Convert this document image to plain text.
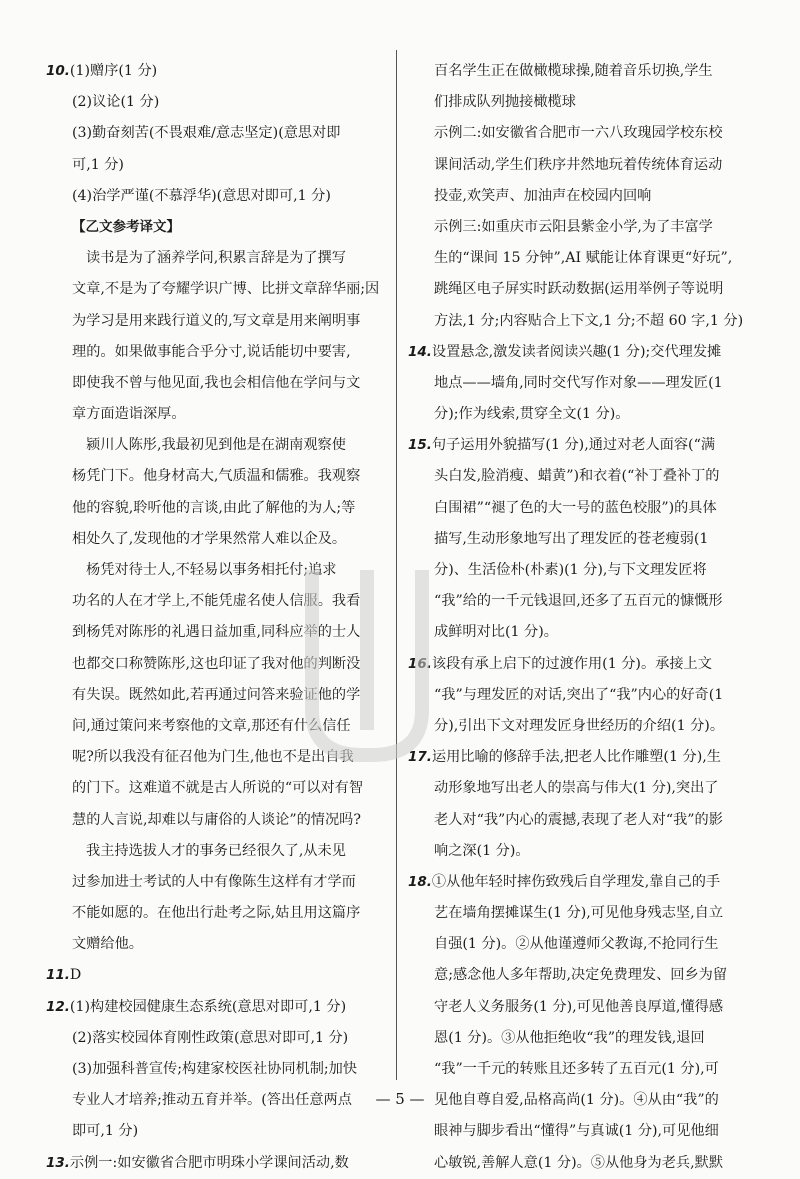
10.(1)赠序(1 分)
(2)议论(1 分)
(3)勤奋刻苦(不畏艰难/意志坚定)(意思对即
可,1 分)
(4)治学严谨(不慕浮华)(意思对即可,1 分)
【乙文参考译文】
读书是为了涵养学问,积累言辞是为了撰写
文章,不是为了夸耀学识广博、比拼文章辞华丽;因
为学习是用来践行道义的,写文章是用来阐明事
理的。如果做事能合乎分寸,说话能切中要害,
即使我不曾与他见面,我也会相信他在学问与文
章方面造诣深厚。
颍川人陈彤,我最初见到他是在湖南观察使
杨凭门下。他身材高大,气质温和儒雅。我观察
他的容貌,聆听他的言谈,由此了解他的为人;等
相处久了,发现他的才学果然常人难以企及。
杨凭对待士人,不轻易以事务相托付;追求
功名的人在才学上,不能凭虚名使人信服。我看
到杨凭对陈彤的礼遇日益加重,同科应举的士人
也都交口称赞陈彤,这也印证了我对他的判断没
有失误。既然如此,若再通过问答来验证他的学
问,通过策问来考察他的文章,那还有什么信任
呢?所以我没有征召他为门生,他也不是出自我
的门下。这难道不就是古人所说的“可以对有智
慧的人言说,却难以与庸俗的人谈论”的情况吗?
我主持选拔人才的事务已经很久了,从未见
过参加进士考试的人中有像陈生这样有才学而
不能如愿的。在他出行赴考之际,姑且用这篇序
文赠给他。
11.D
12.(1)构建校园健康生态系统(意思对即可,1 分)
(2)落实校园体育刚性政策(意思对即可,1 分)
(3)加强科普宣传;构建家校医社协同机制;加快
专业人才培养;推动五育并举。(答出任意两点
即可,1 分)
13.示例一:如安徽省合肥市明珠小学课间活动,数
百名学生正在做橄榄球操,随着音乐切换,学生
们排成队列抛接橄榄球
示例二:如安徽省合肥市一六八玫瑰园学校东校
课间活动,学生们秩序井然地玩着传统体育运动
投壶,欢笑声、加油声在校园内回响
示例三:如重庆市云阳县紫金小学,为了丰富学
生的“课间 15 分钟”,AI 赋能让体育课更“好玩”,
跳绳区电子屏实时跃动数据(运用举例子等说明
方法,1 分;内容贴合上下文,1 分;不超 60 字,1 分)
14.设置悬念,激发读者阅读兴趣(1 分);交代理发摊
地点——墙角,同时交代写作对象——理发匠(1
分);作为线索,贯穿全文(1 分)。
15.句子运用外貌描写(1 分),通过对老人面容(“满
头白发,脸消瘦、蜡黄”)和衣着(“补丁叠补丁的
白围裙”“褪了色的大一号的蓝色校服”)的具体
描写,生动形象地写出了理发匠的苍老瘦弱(1
分)、生活俭朴(朴素)(1 分),与下文理发匠将
“我”给的一千元钱退回,还多了五百元的慷慨形
成鲜明对比(1 分)。
16.该段有承上启下的过渡作用(1 分)。承接上文
“我”与理发匠的对话,突出了“我”内心的好奇(1
分),引出下文对理发匠身世经历的介绍(1 分)。
17.运用比喻的修辞手法,把老人比作雕塑(1 分),生
动形象地写出老人的崇高与伟大(1 分),突出了
老人对“我”内心的震撼,表现了老人对“我”的影
响之深(1 分)。
18.①从他年轻时摔伤致残后自学理发,靠自己的手
艺在墙角摆摊谋生(1 分),可见他身残志坚,自立
自强(1 分)。②从他谨遵师父教诲,不抢同行生
意;感念他人多年帮助,决定免费理发、回乡为留
守老人义务服务(1 分),可见他善良厚道,懂得感
恩(1 分)。③从他拒绝收“我”的理发钱,退回
“我”一千元的转账且还多转了五百元(1 分),可
见他自尊自爱,品格高尚(1 分)。④从由“我”的
眼神与脚步看出“懂得”与真诚(1 分),可见他细
心敏锐,善解人意(1 分)。⑤从他身为老兵,默默
— 5 —
